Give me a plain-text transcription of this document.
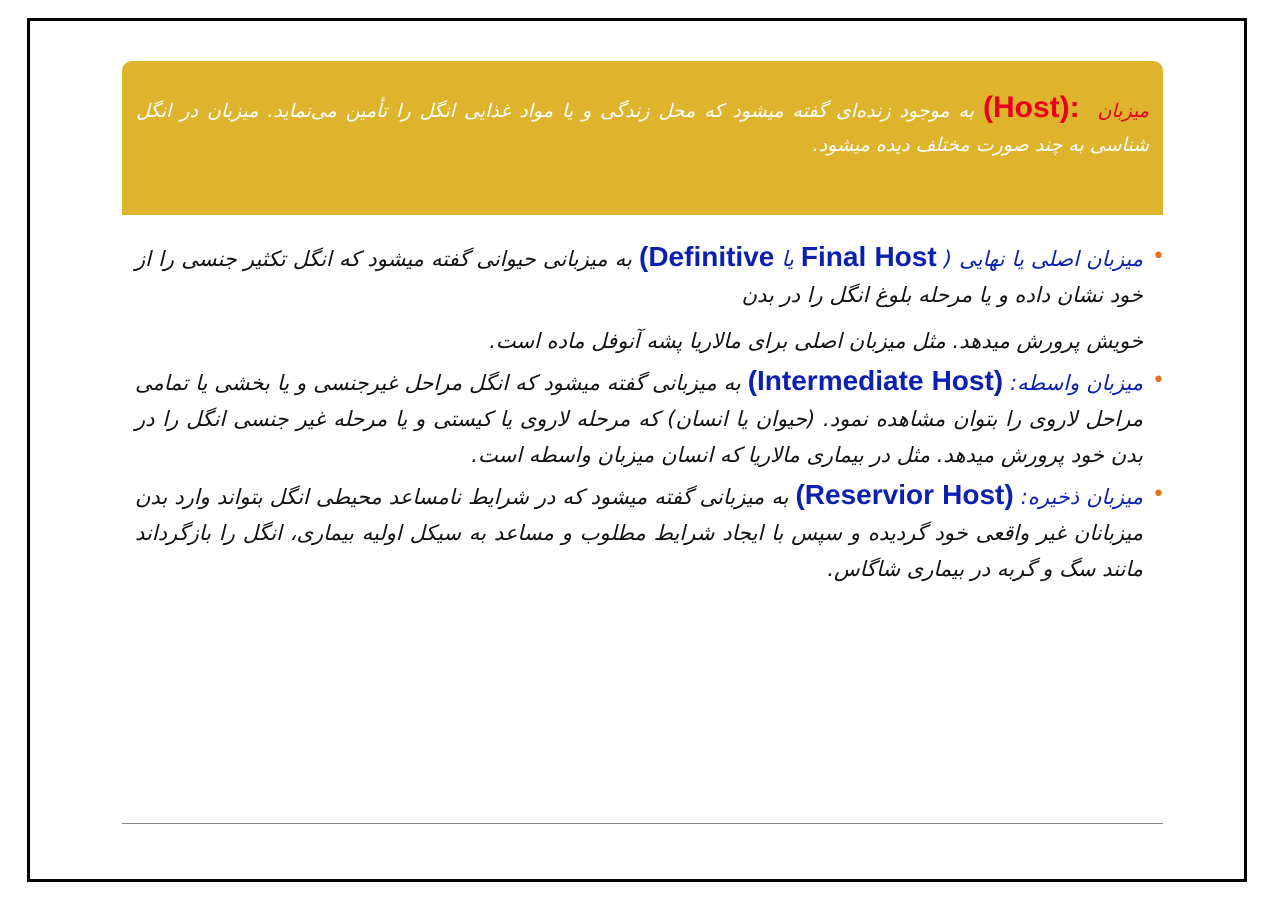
میزبان  (Host): به موجود زنده‌ای گفته میشود که محل زندگی و یا مواد غذایی انگل را تأمین می‌نماید. میزبان در انگل شناسی به چند صورت مختلف دیده میشود.

•
میزبان اصلی یا نهایی ( Final Host یا (Definitive به میزبانی حیوانی گفته میشود که انگل تکثیر جنسی را از خود نشان داده و یا مرحله بلوغ انگل را در بدن
خویش پرورش میدهد. مثل میزبان اصلی برای مالاریا پشه آنوفل ماده است.
•
میزبان واسطه: (Intermediate Host) به میزبانی گفته میشود که انگل مراحل غیرجنسی و یا بخشی یا تمامی مراحل لاروی را بتوان مشاهده نمود. (حیوان یا انسان) که مرحله لاروی یا کیستی و یا مرحله غیر جنسی انگل را در بدن خود پرورش میدهد. مثل در بیماری مالاریا که انسان میزبان واسطه است.
•
میزبان ذخیره: (Reservior Host) به میزبانی گفته میشود که در شرایط نامساعد محیطی انگل بتواند وارد بدن میزبانان غیر واقعی خود گردیده و سپس با ایجاد شرایط مطلوب و مساعد به سیکل اولیه بیماری، انگل را بازگرداند مانند سگ و گربه در بیماری شاگاس.
